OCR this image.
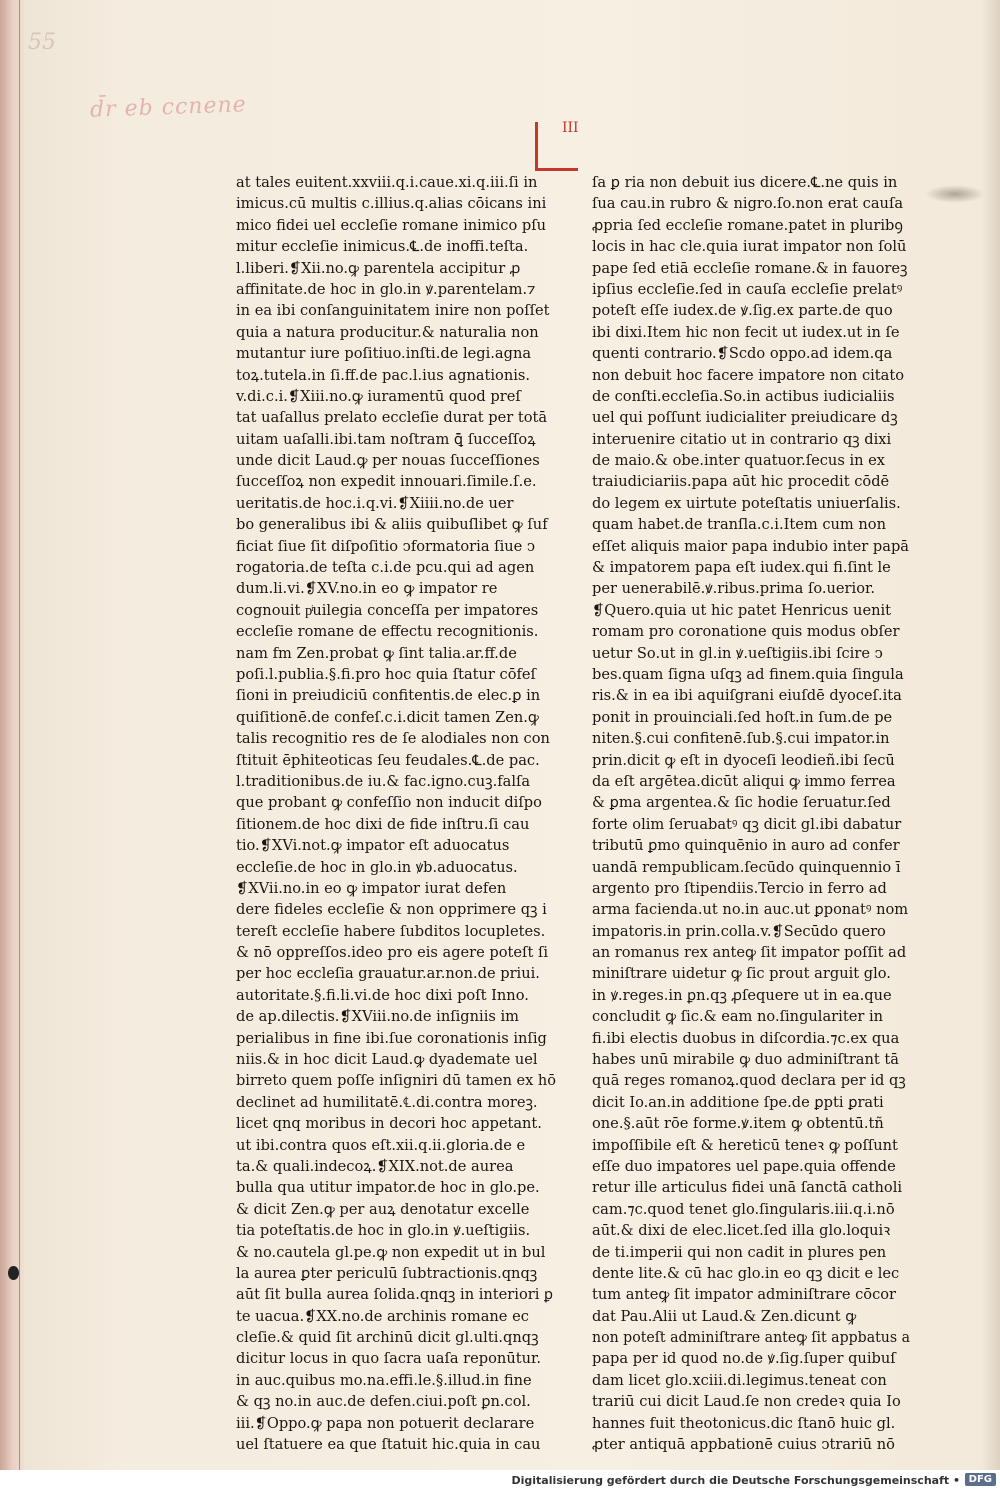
55
d̄r eb ccnene
III
at tales euitent.xxviii.q.i.caue.xi.q.iii.ſi in
imicus.cū multis c.illius.q.alias cōicans ini
mico fidei uel eccleſie romane inimico pſu
mitur eccleſie inimicus.℄.de inoffi.teſta.
l.liberi.❡Xii.no.ꝙ parentela accipitur ꝓ
affinitate.de hoc in glo.in ꝟ.parentelam.⁊
in ea ibi conſanguinitatem inire non poſſet
quia a natura producitur.& naturalia non
mutantur iure poſitiuo.inſti.de legi.agna
toꝝ.tutela.in ſi.ff.de pac.l.ius agnationis.
v.di.c.i.❡Xiii.no.ꝙ iuramentū quod preſ
tat uaſallus prelato eccleſie durat per totā
uitam uaſalli.ibi.tam noſtram ꝗ̄ ſucceſſoꝝ
unde dicit Laud.ꝙ per nouas ſucceſſiones
ſucceſſoꝝ non expedit innouari.ſimile.ſ.e.
ueritatis.de hoc.i.q.vi.❡Xiiii.no.de uer
bo generalibus ibi & aliis quibuſlibet ꝙ ſuf
ficiat ſiue ſit diſpoſitio ↄformatoria ſiue ↄ
rogatoria.de teſta c.i.de pcu.qui ad agen
dum.li.vi.❡XV.no.in eo ꝙ impator re
cognouit pͥuilegia conceſſa per impatores
eccleſie romane de effectu recognitionis.
nam fm Zen.probat ꝙ ſint talia.ar.ff.de
poſi.l.publia.§.fi.pro hoc quia ſtatur cōfeſ
ſioni in preiudiciū confitentis.de elec.ꝑ in
quiſitionē.de confeſ.c.i.dicit tamen Zen.ꝙ
talis recognitio res de ſe alodiales non con
ſtituit ēphiteoticas ſeu feudales.℄.de pac.
l.traditionibus.de iu.& fac.igno.cuꝫ.falſa
que probant ꝙ confeſſio non inducit diſpo
ſitionem.de hoc dixi de fide inſtru.ſi cau
tio.❡XVi.not.ꝙ impator eſt aduocatus
eccleſie.de hoc in glo.in ꝟb.aduocatus.
❡XVii.no.in eo ꝙ impator iurat defen
dere fideles eccleſie & non opprimere qꝫ i
tereſt eccleſie habere ſubditos locupletes.
& nō oppreſſos.ideo pro eis agere poteſt ſi
per hoc eccleſia grauatur.ar.non.de priui.
autoritate.§.fi.li.vi.de hoc dixi poſt Inno.
de ap.dilectis.❡XViii.no.de inſigniis im
perialibus in fine ibi.ſue coronationis inſig
niis.& in hoc dicit Laud.ꝙ dyademate uel
birreto quem poſſe inſigniri dū tamen ex hō
declinet ad humilitatē.℄.di.contra moreꝫ.
licet qnq moribus in decori hoc appetant.
ut ibi.contra quos eſt.xii.q.ii.gloria.de e
ta.& quali.indecoꝝ.❡XIX.not.de aurea
bulla qua utitur impator.de hoc in glo.pe.
& dicit Zen.ꝙ per auꝝ denotatur excelle
tia poteſtatis.de hoc in glo.in ꝟ.ueſtigiis.
& no.cautela gl.pe.ꝙ non expedit ut in bul
la aurea ꝑter periculū ſubtractionis.qnqꝫ
aūt ſit bulla aurea ſolida.qnqꝫ in interiori ꝑ
te uacua.❡XX.no.de archinis romane ec
cleſie.& quid ſit archinū dicit gl.ulti.qnqꝫ
dicitur locus in quo ſacra uaſa reponūtur.
in auc.quibus mo.na.effi.le.§.illud.in fine
& qꝫ no.in auc.de defen.ciui.poſt ꝑn.col.
iii.❡Oppo.ꝙ papa non potuerit declarare
uel ſtatuere ea que ſtatuit hic.quia in cau
ſa ꝑ ria non debuit ius dicere.℄.ne quis in
ſua cau.in rubro & nigro.ſo.non erat cauſa
ꝓpria ſed eccleſie romane.patet in pluribꝯ
locis in hac cle.quia iurat impator non ſolū
pape ſed etiā eccleſie romane.& in fauoreꝫ
ipſius eccleſie.ſed in cauſa eccleſie prelatꝰ
poteſt eſſe iudex.de ꝟ.ſig.ex parte.de quo
ibi dixi.Item hic non fecit ut iudex.ut in ſe
quenti contrario.❡Scdo oppo.ad idem.qa
non debuit hoc facere impatore non citato
de conſti.eccleſia.So.in actibus iudicialiis
uel qui poſſunt iudicialiter preiudicare dꝫ
interuenire citatio ut in contrario qꝫ dixi
de maio.& obe.inter quatuor.ſecus in ex
traiudiciariis.papa aūt hic procedit cōdē
do legem ex uirtute poteſtatis uniuerſalis.
quam habet.de tranſla.c.i.Item cum non
eſſet aliquis maior papa indubio inter papā
& impatorem papa eſt iudex.qui fi.ſint le
per uenerabilē.ꝟ.ribus.prima ſo.uerior.
❡Quero.quia ut hic patet Henricus uenit
romam pro coronatione quis modus obſer
uetur So.ut in gl.in ꝟ.ueſtigiis.ibi ſcire ↄ
bes.quam ſigna uſqꝫ ad finem.quia ſingula
ris.& in ea ibi aquiſgrani eiuſdē dyoceſ.ita
ponit in prouinciali.ſed hoſt.in ſum.de pe
niten.§.cui confitenē.ſub.§.cui impator.in
prin.dicit ꝙ eſt in dyoceſi leodieñ.ibi ſecū
da eſt argētea.dicūt aliqui ꝙ immo ferrea
& ꝑma argentea.& ſic hodie ſeruatur.ſed
forte olim ſeruabatꝰ qꝫ dicit gl.ibi dabatur
tributū ꝑmo quinquēnio in auro ad confer
uandā rempublicam.ſecūdo quinquennio ī
argento pro ſtipendiis.Tercio in ferro ad
arma facienda.ut no.in auc.ut ꝑponatꝰ nom
impatoris.in prin.colla.v.❡Secūdo quero
an romanus rex anteꝙ ſit impator poſſit ad
miniſtrare uidetur ꝙ ſic prout arguit glo.
in ꝟ.reges.in ꝑn.qꝫ ꝓſequere ut in ea.que
concludit ꝙ ſic.& eam no.ſingulariter in
fi.ibi electis duobus in diſcordia.⁊c.ex qua
habes unū mirabile ꝙ duo adminiſtrant tā
quā reges romanoꝝ.quod declara per id qꝫ
dicit Io.an.in additione ſpe.de ꝑpti ꝑrati
one.§.aūt rōe forme.ꝟ.item ꝙ obtentū.tñ
impoſſibile eſt & hereticū teneꝛ ꝙ poſſunt
eſſe duo impatores uel pape.quia offende
retur ille articulus fidei unā ſanctā catholi
cam.⁊c.quod tenet glo.ſingularis.iii.q.i.nō
aūt.& dixi de elec.licet.ſed illa glo.loquiꝛ
de ti.imperii qui non cadit in plures pen
dente lite.& cū hac glo.in eo qꝫ dicit e lec
tum anteꝙ ſit impator adminiſtrare cōcor
dat Pau.Alii ut Laud.& Zen.dicunt ꝙ
non poteſt adminiſtrare anteꝙ ſit appbatus a
papa per id quod no.de ꝟ.ſig.ſuper quibuſ
dam licet glo.xciii.di.legimus.teneat con
trariū cui dicit Laud.ſe non credeꝛ quia Io
hannes fuit theotonicus.dic ſtanō huic gl.
ꝓter antiquā appbationē cuius ↄtrariū nō
Digitalisierung gefördert durch die Deutsche Forschungsgemeinschaft • DFG
